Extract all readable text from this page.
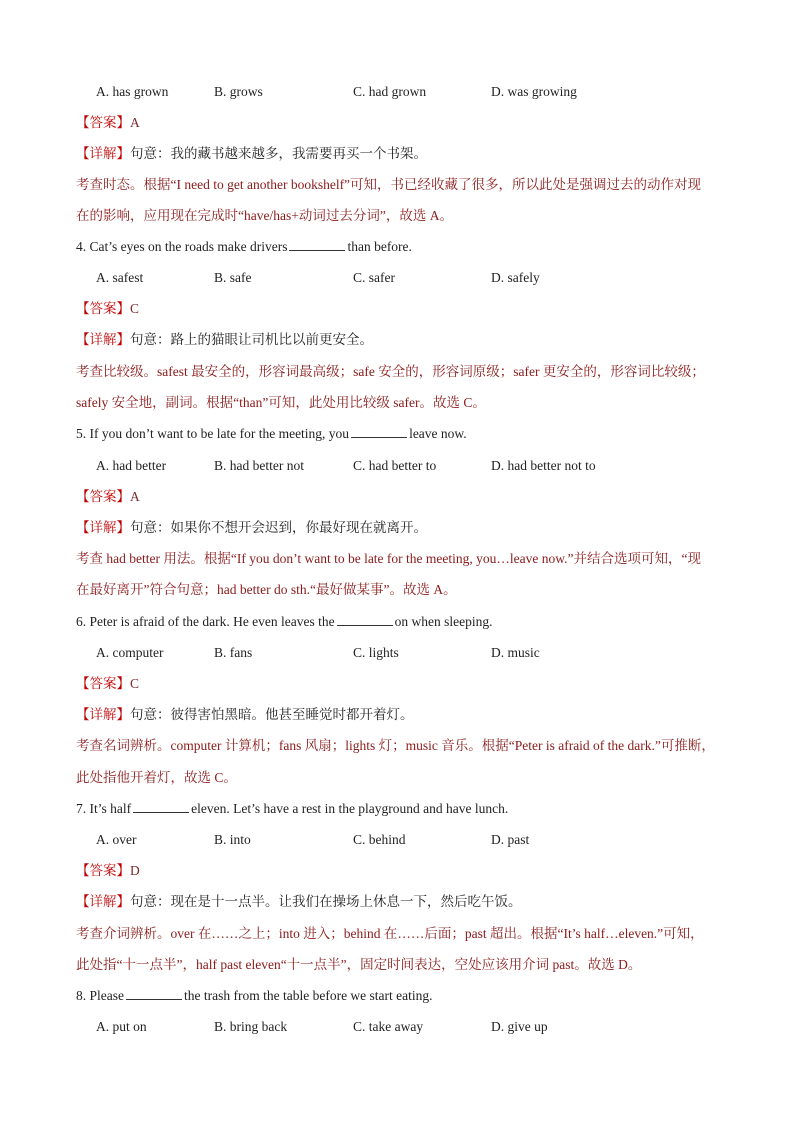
A. has grown	B. grows	C. had grown	D. was growing
【答案】A
【详解】句意：我的藏书越来越多，我需要再买一个书架。
考查时态。根据“I need to get another bookshelf”可知，书已经收藏了很多，所以此处是强调过去的动作对现
在的影响，应用现在完成时“have/has+动词过去分词”，故选 A。
4. Cat’s eyes on the roads make drivers	than before.
A. safest	B. safe	C. safer	D. safely
【答案】C
【详解】句意：路上的猫眼让司机比以前更安全。
考查比较级。safest 最安全的，形容词最高级；safe 安全的，形容词原级；safer 更安全的，形容词比较级；
safely 安全地，副词。根据“than”可知，此处用比较级 safer。故选 C。
5. If you don’t want to be late for the meeting, you	leave now.
A. had better	B. had better not	C. had better to	D. had better not to
【答案】A
【详解】句意：如果你不想开会迟到，你最好现在就离开。
考查 had better 用法。根据“If you don’t want to be late for the meeting, you…leave now.”并结合选项可知，“现
在最好离开”符合句意；had better do sth.“最好做某事”。故选 A。
6. Peter is afraid of the dark. He even leaves the	on when sleeping.
A. computer	B. fans	C. lights	D. music
【答案】C
【详解】句意：彼得害怕黑暗。他甚至睡觉时都开着灯。
考查名词辨析。computer 计算机；fans 风扇；lights 灯；music 音乐。根据“Peter is afraid of the dark.”可推断，
此处指他开着灯，故选 C。
7. It’s half	eleven. Let’s have a rest in the playground and have lunch.
A. over	B. into	C. behind	D. past
【答案】D
【详解】句意：现在是十一点半。让我们在操场上休息一下，然后吃午饭。
考查介词辨析。over 在……之上；into 进入；behind 在……后面；past 超出。根据“It’s half…eleven.”可知，
此处指“十一点半”，half past eleven“十一点半”，固定时间表达，空处应该用介词 past。故选 D。
8. Please	the trash from the table before we start eating.
A. put on	B. bring back	C. take away	D. give up
